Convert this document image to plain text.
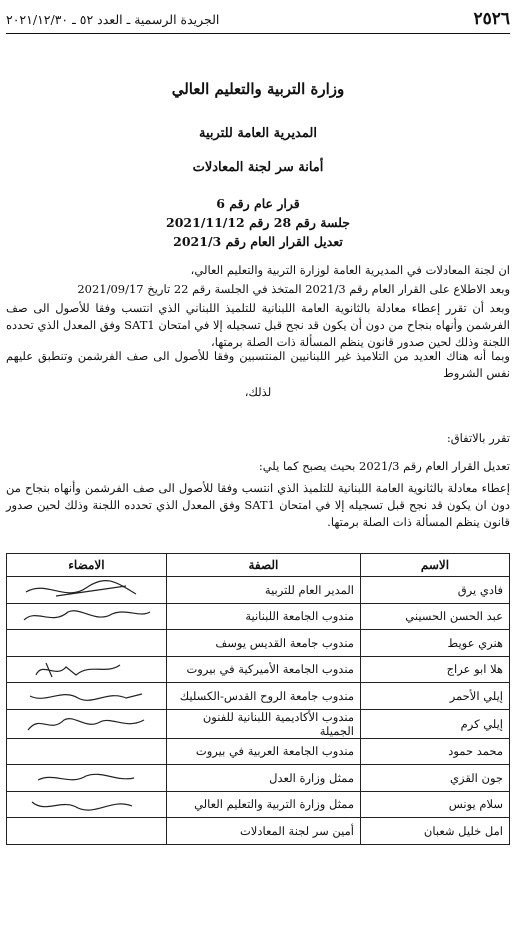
٢٥٢٦
الجريدة الرسمية ـ العدد ٥٢ ـ ٢٠٢١/١٢/٣٠
وزارة التربية والتعليم العالي
المديرية العامة للتربية
أمانة سر لجنة المعادلات
قرار عام رقم 6
جلسة رقم 28 رقم 2021/11/12
تعديل القرار العام رقم 2021/3
ان لجنة المعادلات في المديرية العامة لوزارة التربية والتعليم العالي،
وبعد الاطلاع على القرار العام رقم 2021/3 المتخذ في الجلسة رقم 22 تاريخ 2021/09/17
وبعد أن تقرر إعطاء معادلة بالثانوية العامة اللبنانية للتلميذ اللبناني الذي انتسب وفقا للأصول الى صف الفرشمن وأنهاه بنجاح من دون أن يكون قد نجح قبل تسجيله إلا في امتحان SAT1 وفق المعدل الذي تحدده اللجنة وذلك لحين صدور قانون ينظم المسألة ذات الصلة برمتها،
وبما أنه هناك العديد من التلاميذ غير اللبنانيين المنتسبين وفقا للأصول الى صف الفرشمن وتنطبق عليهم نفس الشروط
لذلك،
تقرر بالاتفاق:
تعديل القرار العام رقم 2021/3 بحيث يصبح كما يلي:
إعطاء معادلة بالثانوية العامة اللبنانية للتلميذ الذي انتسب وفقا للأصول الى صف الفرشمن وأنهاه بنجاح من دون ان يكون قد نجح قبل تسجيله إلا في امتحان SAT1 وفق المعدل الذي تحدده اللجنة وذلك لحين صدور قانون ينظم المسألة ذات الصلة برمتها.
الاسم	الصفة	الامضاء
فادي يرق	المدير العام للتربية	

عبد الحسن الحسيني	مندوب الجامعة اللبنانية	

هنري عويط	مندوب جامعة القديس يوسف	
هلا ابو عراج	مندوب الجامعة الأميركية في بيروت	

إيلي الأحمر	مندوب جامعة الروح القدس-الكسليك	

إيلي كرم	مندوب الأكاديمية اللبنانية للفنون الجميلة	

محمد حمود	مندوب الجامعة العربية في بيروت	
جون القزي	ممثل وزارة العدل	

سلام يونس	ممثل وزارة التربية والتعليم العالي	

امل خليل شعبان	أمين سر لجنة المعادلات	
